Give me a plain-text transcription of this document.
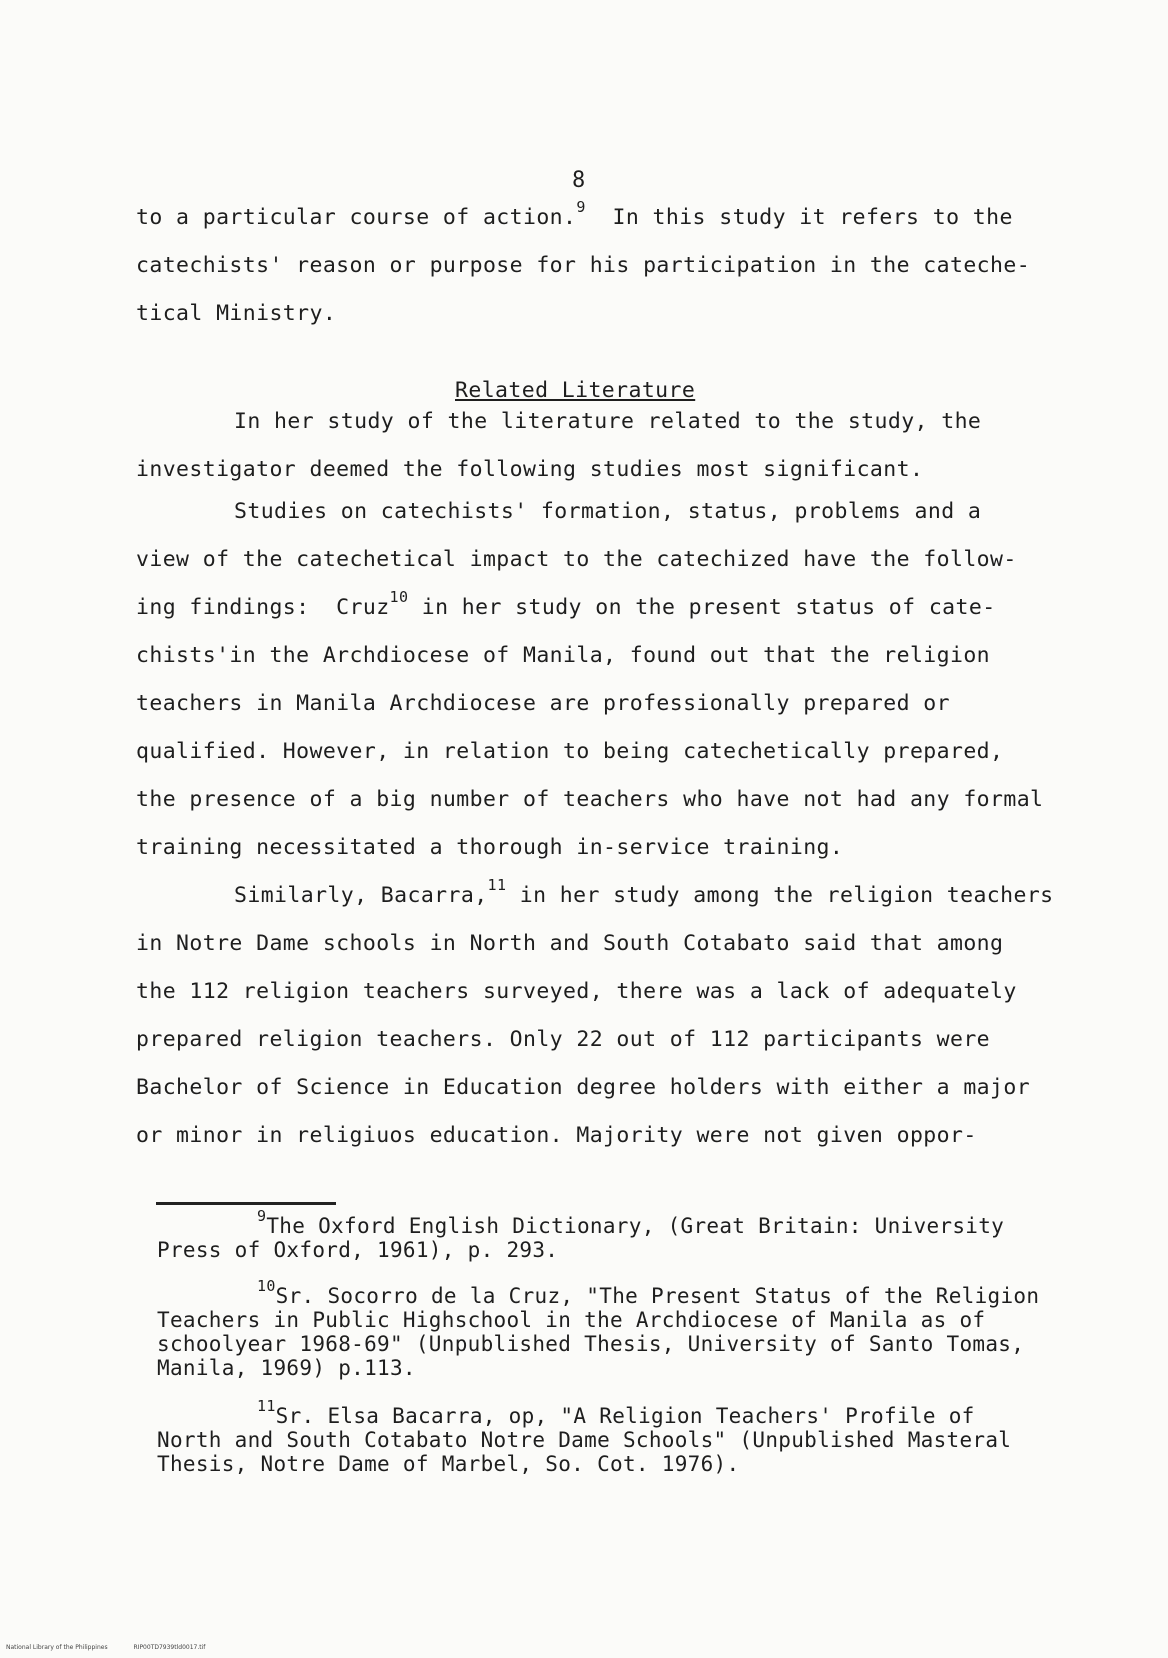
8
to a particular course of action.$^9$  In this study it refers to the
catechists' reason or purpose for his participation in the cateche-
tical Ministry.
Related Literature
In her study of the literature related to the study, the
investigator deemed the following studies most significant.
Studies on catechists' formation, status, problems and a
view of the catechetical impact to the catechized have the follow-
ing findings:  Cruz$^{10}$ in her study on the present status of cate-
chists'in the Archdiocese of Manila, found out that the religion
teachers in Manila Archdiocese are professionally prepared or
qualified. However, in relation to being catechetically prepared,
the presence of a big number of teachers who have not had any formal
training necessitated a thorough in-service training.
Similarly, Bacarra,$^{11}$ in her study among the religion teachers
in Notre Dame schools in North and South Cotabato said that among
the 112 religion teachers surveyed, there was a lack of adequately
prepared religion teachers. Only 22 out of 112 participants were
Bachelor of Science in Education degree holders with either a major
or minor in religiuos education. Majority were not given oppor-
$^9$The Oxford English Dictionary, (Great Britain: University
Press of Oxford, 1961), p. 293.
$^{10}$Sr. Socorro de la Cruz, "The Present Status of the Religion
Teachers in Public Highschool in the Archdiocese of Manila as of
schoolyear 1968-69" (Unpublished Thesis, University of Santo Tomas,
Manila, 1969) p.113.
$^{11}$Sr. Elsa Bacarra, op, "A Religion Teachers' Profile of
North and South Cotabato Notre Dame Schools" (Unpublished Masteral
Thesis, Notre Dame of Marbel, So. Cot. 1976).
National Library of the Philippines	RIP00TD7939tld0017.tif
